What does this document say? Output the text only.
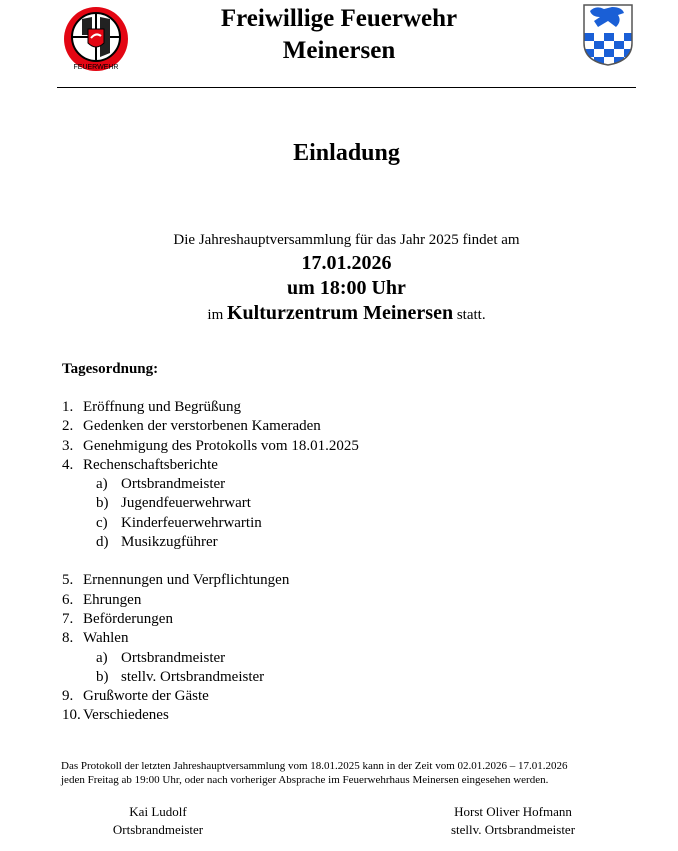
FEUERWEHR
Freiwillige Feuerwehr
Meinersen
Einladung
Die Jahreshauptversammlung für das Jahr 2025 findet am
17.01.2026
um 18:00 Uhr
im Kulturzentrum Meinersen statt.
Tagesordnung:
1. Eröffnung und Begrüßung
2. Gedenken der verstorbenen Kameraden
3. Genehmigung des Protokolls vom 18.01.2025
4. Rechenschaftsberichte
a) Ortsbrandmeister
b) Jugendfeuerwehrwart
c) Kinderfeuerwehrwartin
d) Musikzugführer
5. Ernennungen und Verpflichtungen
6. Ehrungen
7. Beförderungen
8. Wahlen
a) Ortsbrandmeister
b) stellv. Ortsbrandmeister
9. Grußworte der Gäste
10. Verschiedenes
Das Protokoll der letzten Jahreshauptversammlung vom 18.01.2025 kann in der Zeit vom 02.01.2026 – 17.01.2026
jeden Freitag ab 19:00 Uhr, oder nach vorheriger Absprache im Feuerwehrhaus Meinersen eingesehen werden.
Kai Ludolf
Ortsbrandmeister
Horst Oliver Hofmann
stellv. Ortsbrandmeister
